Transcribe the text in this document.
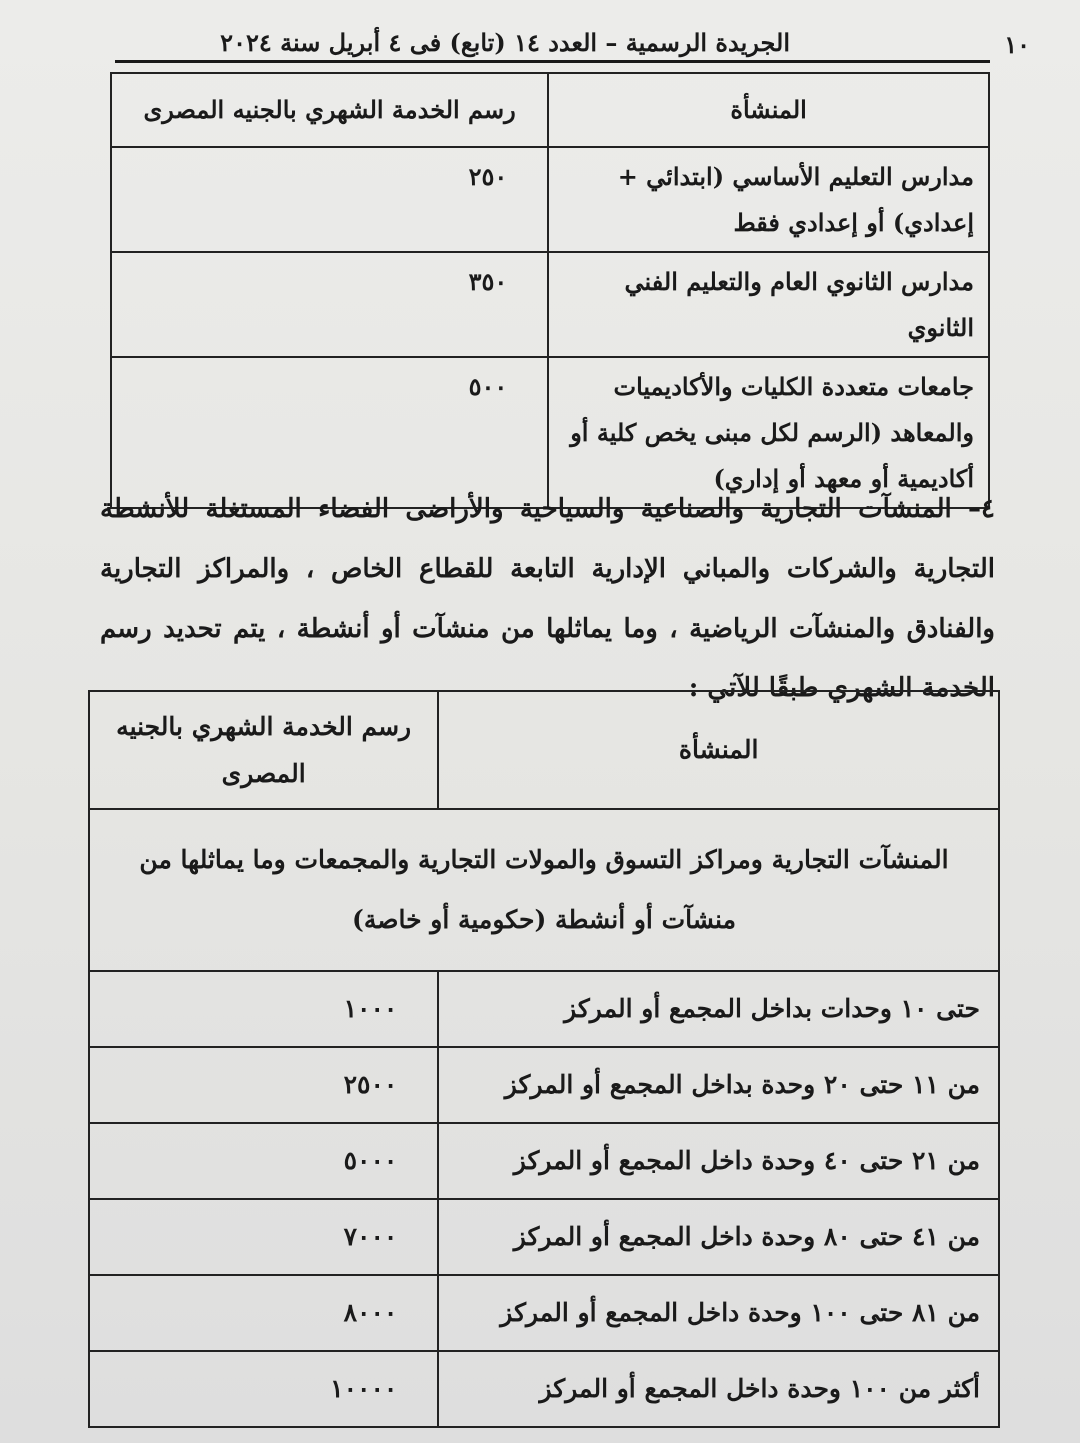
الجريدة الرسمية – العدد ١٤ (تابع) فى ٤ أبريل سنة ٢٠٢٤	١٠
المنشأة	رسم الخدمة الشهري بالجنيه المصرى
مدارس التعليم الأساسي (ابتدائي + إعدادي) أو إعدادي فقط	٢٥٠
مدارس الثانوي العام والتعليم الفني الثانوي	٣٥٠
جامعات متعددة الكليات والأكاديميات والمعاهد (الرسم لكل مبنى يخص كلية أو أكاديمية أو معهد أو إداري)	٥٠٠
٤– المنشآت التجارية والصناعية والسياحية والأراضى الفضاء المستغلة للأنشطة التجارية والشركات والمباني الإدارية التابعة للقطاع الخاص ، والمراكز التجارية والفنادق والمنشآت الرياضية ، وما يماثلها من منشآت أو أنشطة ، يتم تحديد رسم الخدمة الشهري طبقًا للآتي :
المنشأة	رسم الخدمة الشهري بالجنيه المصرى
المنشآت التجارية ومراكز التسوق والمولات التجارية والمجمعات وما يماثلها من منشآت أو أنشطة (حكومية أو خاصة)	
حتى ١٠ وحدات بداخل المجمع أو المركز	١٠٠٠
من ١١ حتى ٢٠ وحدة بداخل المجمع أو المركز	٢٥٠٠
من ٢١ حتى ٤٠ وحدة داخل المجمع أو المركز	٥٠٠٠
من ٤١ حتى ٨٠ وحدة داخل المجمع أو المركز	٧٠٠٠
من ٨١ حتى ١٠٠ وحدة داخل المجمع أو المركز	٨٠٠٠
أكثر من ١٠٠ وحدة داخل المجمع أو المركز	١٠٠٠٠
